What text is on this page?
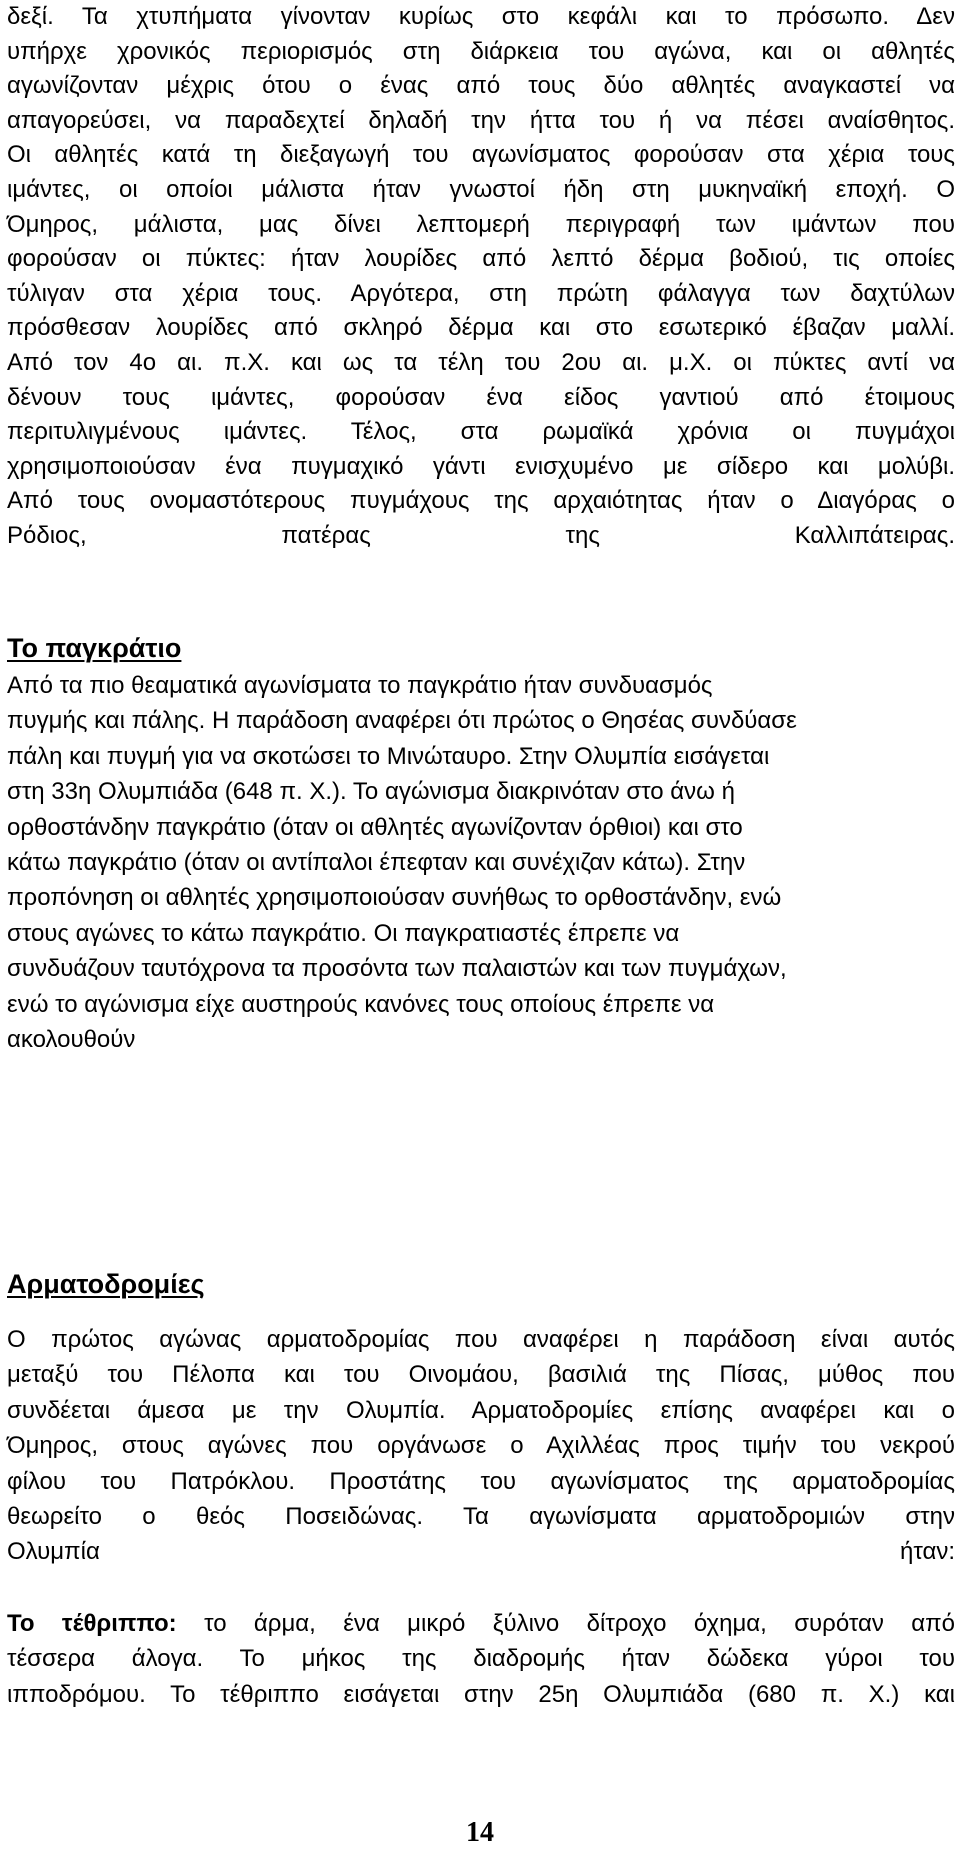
δεξί. Τα χτυπήματα γίνονταν κυρίως στο κεφάλι και το πρόσωπο. Δεν
υπήρχε χρονικός περιορισμός στη διάρκεια του αγώνα, και οι αθλητές
αγωνίζονταν μέχρις ότου ο ένας από τους δύο αθλητές αναγκαστεί να
απαγορεύσει, να παραδεχτεί δηλαδή την ήττα του ή να πέσει αναίσθητος.
Οι αθλητές κατά τη διεξαγωγή του αγωνίσματος φορούσαν στα χέρια τους
ιμάντες, οι οποίοι μάλιστα ήταν γνωστοί ήδη στη μυκηναϊκή εποχή. Ο
Όμηρος, μάλιστα, μας δίνει λεπτομερή περιγραφή των ιμάντων που
φορούσαν οι πύκτες: ήταν λουρίδες από λεπτό δέρμα βοδιού, τις οποίες
τύλιγαν στα χέρια τους. Αργότερα, στη πρώτη φάλαγγα των δαχτύλων
πρόσθεσαν λουρίδες από σκληρό δέρμα και στο εσωτερικό έβαζαν μαλλί.
Από τον 4ο αι. π.Χ. και ως τα τέλη του 2ου αι. μ.Χ. οι πύκτες αντί να
δένουν τους ιμάντες, φορούσαν ένα είδος γαντιού από έτοιμους
περιτυλιγμένους ιμάντες. Τέλος, στα ρωμαϊκά χρόνια οι πυγμάχοι
χρησιμοποιούσαν ένα πυγμαχικό γάντι ενισχυμένο με σίδερο και μολύβι.
Από τους ονομαστότερους πυγμάχους της αρχαιότητας ήταν ο Διαγόρας ο
Ρόδιος, πατέρας της Καλλιπάτειρας.
Το παγκράτιο
Από τα πιο θεαματικά αγωνίσματα το παγκράτιο ήταν συνδυασμός
πυγμής και πάλης. Η παράδοση αναφέρει ότι πρώτος ο Θησέας συνδύασε
πάλη και πυγμή για να σκοτώσει το Μινώταυρο. Στην Ολυμπία εισάγεται
στη 33η Ολυμπιάδα (648 π. Χ.). Το αγώνισμα διακρινόταν στο άνω ή
ορθοστάνδην παγκράτιο (όταν οι αθλητές αγωνίζονταν όρθιοι) και στο
κάτω παγκράτιο (όταν οι αντίπαλοι έπεφταν και συνέχιζαν κάτω). Στην
προπόνηση οι αθλητές χρησιμοποιούσαν συνήθως το ορθοστάνδην, ενώ
στους αγώνες το κάτω παγκράτιο. Οι παγκρατιαστές έπρεπε να
συνδυάζουν ταυτόχρονα τα προσόντα των παλαιστών και των πυγμάχων,
ενώ το αγώνισμα είχε αυστηρούς κανόνες τους οποίους έπρεπε να
ακολουθούν
Αρματοδρομίες
Ο πρώτος αγώνας αρματοδρομίας που αναφέρει η παράδοση είναι αυτός
μεταξύ του Πέλοπα και του Οινομάου, βασιλιά της Πίσας, μύθος που
συνδέεται άμεσα με την Ολυμπία. Αρματοδρομίες επίσης αναφέρει και ο
Όμηρος, στους αγώνες που οργάνωσε ο Αχιλλέας προς τιμήν του νεκρού
φίλου του Πατρόκλου. Προστάτης του αγωνίσματος της αρματοδρομίας
θεωρείτο ο θεός Ποσειδώνας. Τα αγωνίσματα αρματοδρομιών στην
Ολυμπία ήταν:
Το τέθριππο: το άρμα, ένα μικρό ξύλινο δίτροχο όχημα, συρόταν από
τέσσερα άλογα. Το μήκος της διαδρομής ήταν δώδεκα γύροι του
ιπποδρόμου. Το τέθριππο εισάγεται στην 25η Ολυμπιάδα (680 π. Χ.) και
14
